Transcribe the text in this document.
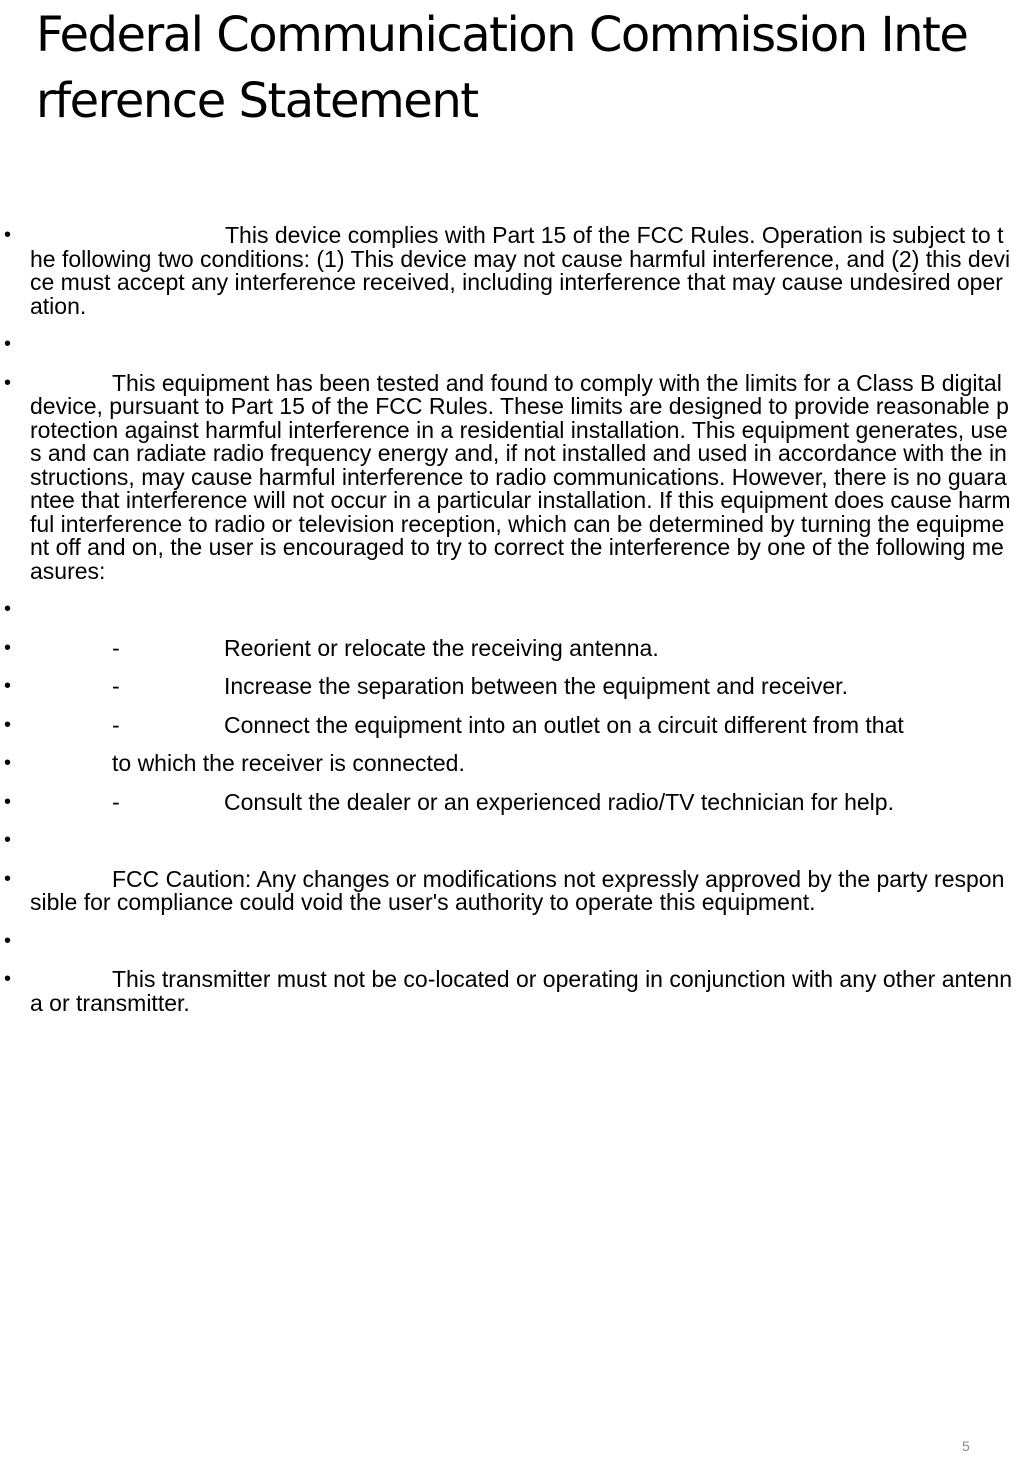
Federal Communication Commission Interference Statement
•	This device complies with Part 15 of the FCC Rules. Operation is subject to the following two conditions: (1) This device may not cause harmful interference, and (2) this device must accept any interference received, including interference that may cause undesired operation.
•
•	This equipment has been tested and found to comply with the limits for a Class B digital device, pursuant to Part 15 of the FCC Rules. These limits are designed to provide reasonable protection against harmful interference in a residential installation. This equipment generates, uses and can radiate radio frequency energy and, if not installed and used in accordance with the instructions, may cause harmful interference to radio communications. However, there is no guarantee that interference will not occur in a particular installation. If this equipment does cause harmful interference to radio or television reception, which can be determined by turning the equipment off and on, the user is encouraged to try to correct the interference by one of the following measures:
•
•	-	Reorient or relocate the receiving antenna.
•	-	Increase the separation between the equipment and receiver.
•	-	Connect the equipment into an outlet on a circuit different from that
•	to which the receiver is connected.
•	-	Consult the dealer or an experienced radio/TV technician for help.
•
•	FCC Caution: Any changes or modifications not expressly approved by the party responsible for compliance could void the user's authority to operate this equipment.
•
•	This transmitter must not be co-located or operating in conjunction with any other antenna or transmitter.
5
